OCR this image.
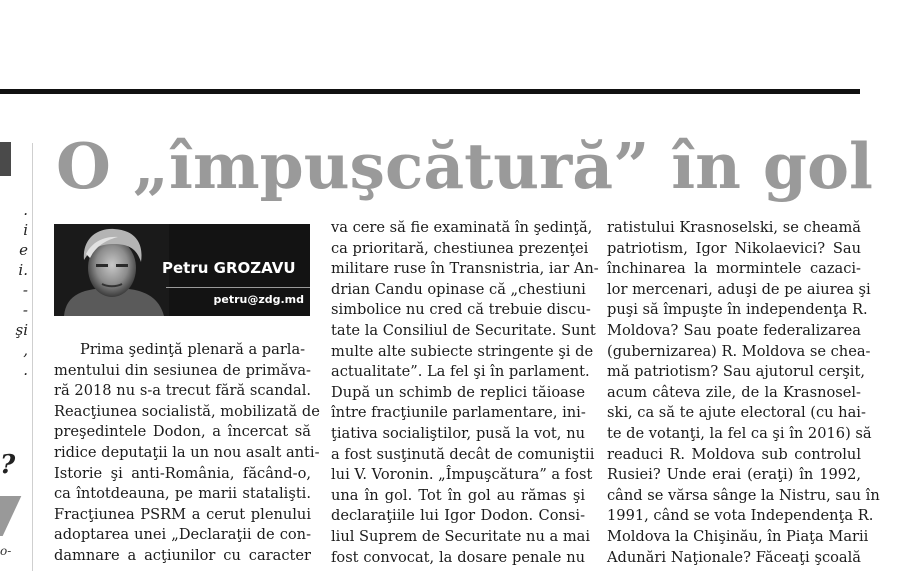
.
i
e
i.
-
-
şi
,
.
?
o-
O „împuşcătură” în gol
Petru GROZAVU
petru@zdg.md
Prima şedinţă plenară a parla-
mentului din sesiunea de primăva-
ră 2018 nu s-a trecut fără scandal.
Reacţiunea socialistă, mobilizată de
preşedintele Dodon, a încercat să
ridice deputaţii la un nou asalt anti-
Istorie şi anti-România, făcând-o,
ca întotdeauna, pe marii statalişti.
Fracţiunea PSRM a cerut plenului
adoptarea unei „Declaraţii de con-
damnare a acţiunilor cu caracter
va cere să fie examinată în şedinţă,
ca prioritară, chestiunea prezenţei
militare ruse în Transnistria, iar An-
drian Candu opinase că „chestiuni
simbolice nu cred că trebuie discu-
tate la Consiliul de Securitate. Sunt
multe alte subiecte stringente şi de
actualitate”. La fel şi în parlament.
După un schimb de replici tăioase
între fracţiunile parlamentare, ini-
ţiativa socialiştilor, pusă la vot, nu
a fost susţinută decât de comuniştii
lui V. Voronin. „Împuşcătura” a fost
una în gol. Tot în gol au rămas şi
declaraţiile lui Igor Dodon. Consi-
liul Suprem de Securitate nu a mai
fost convocat, la dosare penale nu
ratistului Krasnoselski, se cheamă
patriotism, Igor Nikolaevici? Sau
închinarea la mormintele cazaci-
lor mercenari, aduşi de pe aiurea şi
puşi să împuşte în independenţa R.
Moldova? Sau poate federalizarea
(gubernizarea) R. Moldova se chea-
mă patriotism? Sau ajutorul cerşit,
acum câteva zile, de la Krasnosel-
ski, ca să te ajute electoral (cu hai-
te de votanţi, la fel ca şi în 2016) să
readuci R. Moldova sub controlul
Rusiei? Unde erai (eraţi) în 1992,
când se vărsa sânge la Nistru, sau în
1991, când se vota Independenţa R.
Moldova la Chişinău, în Piaţa Marii
Adunări Naţionale? Făceaţi şcoală
